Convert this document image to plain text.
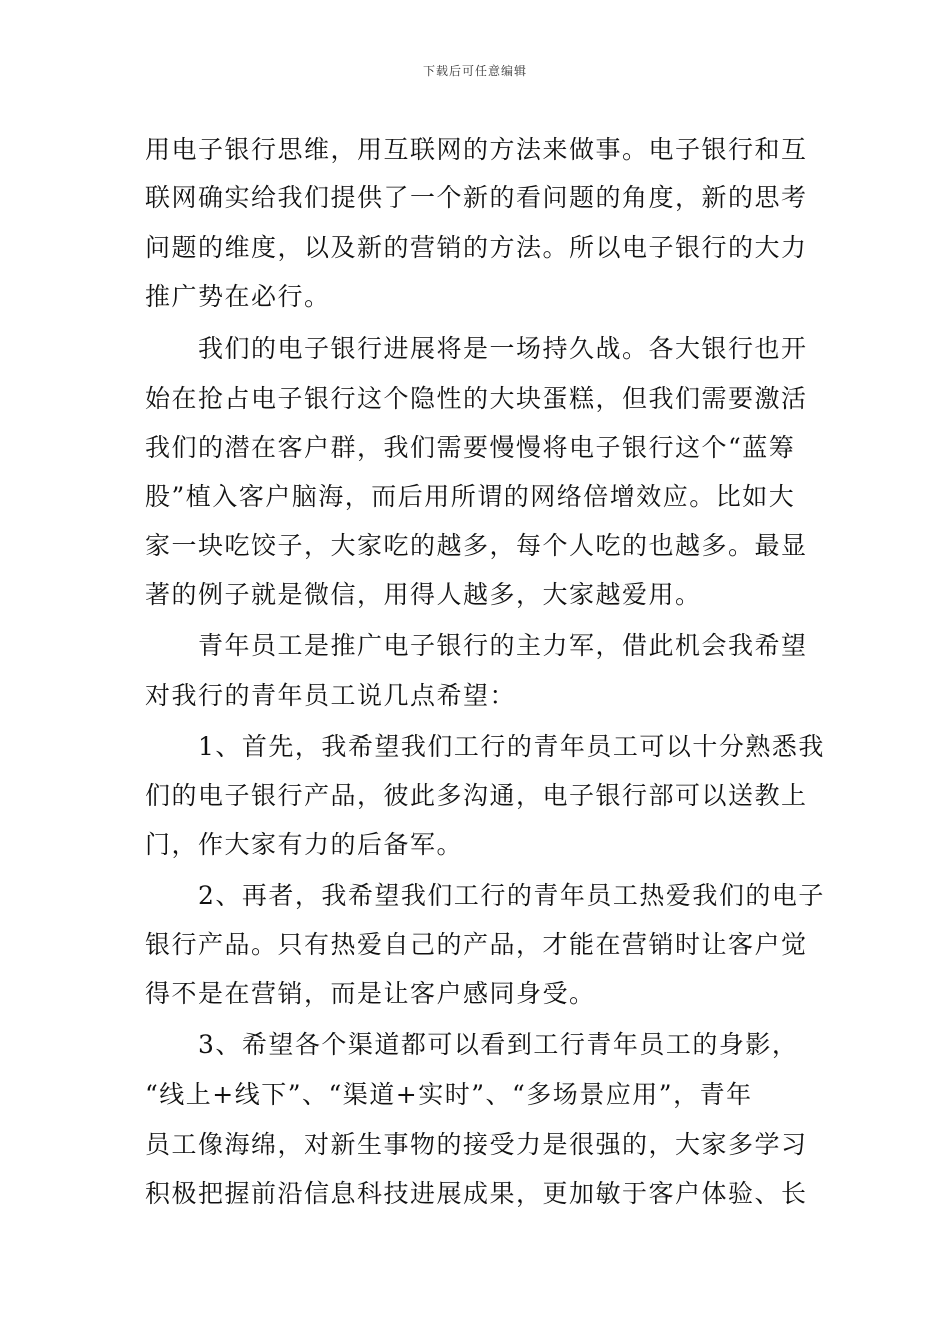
下载后可任意编辑
用电子银行思维，用互联网的方法来做事。电子银行和互
联网确实给我们提供了一个新的看问题的角度，新的思考
问题的维度，以及新的营销的方法。所以电子银行的大力
推广势在必行。
　　我们的电子银行进展将是一场持久战。各大银行也开
始在抢占电子银行这个隐性的大块蛋糕，但我们需要激活
我们的潜在客户群，我们需要慢慢将电子银行这个“蓝筹
股”植入客户脑海，而后用所谓的网络倍增效应。比如大
家一块吃饺子，大家吃的越多，每个人吃的也越多。最显
著的例子就是微信，用得人越多，大家越爱用。
　　青年员工是推广电子银行的主力军，借此机会我希望
对我行的青年员工说几点希望：
　　1、首先，我希望我们工行的青年员工可以十分熟悉我
们的电子银行产品，彼此多沟通，电子银行部可以送教上
门，作大家有力的后备军。
　　2、再者，我希望我们工行的青年员工热爱我们的电子
银行产品。只有热爱自己的产品，才能在营销时让客户觉
得不是在营销，而是让客户感同身受。
　　3、希望各个渠道都可以看到工行青年员工的身影，
“线上+线下”、“渠道+实时”、“多场景应用”，青年
员工像海绵，对新生事物的接受力是很强的，大家多学习
积极把握前沿信息科技进展成果，更加敏于客户体验、长
